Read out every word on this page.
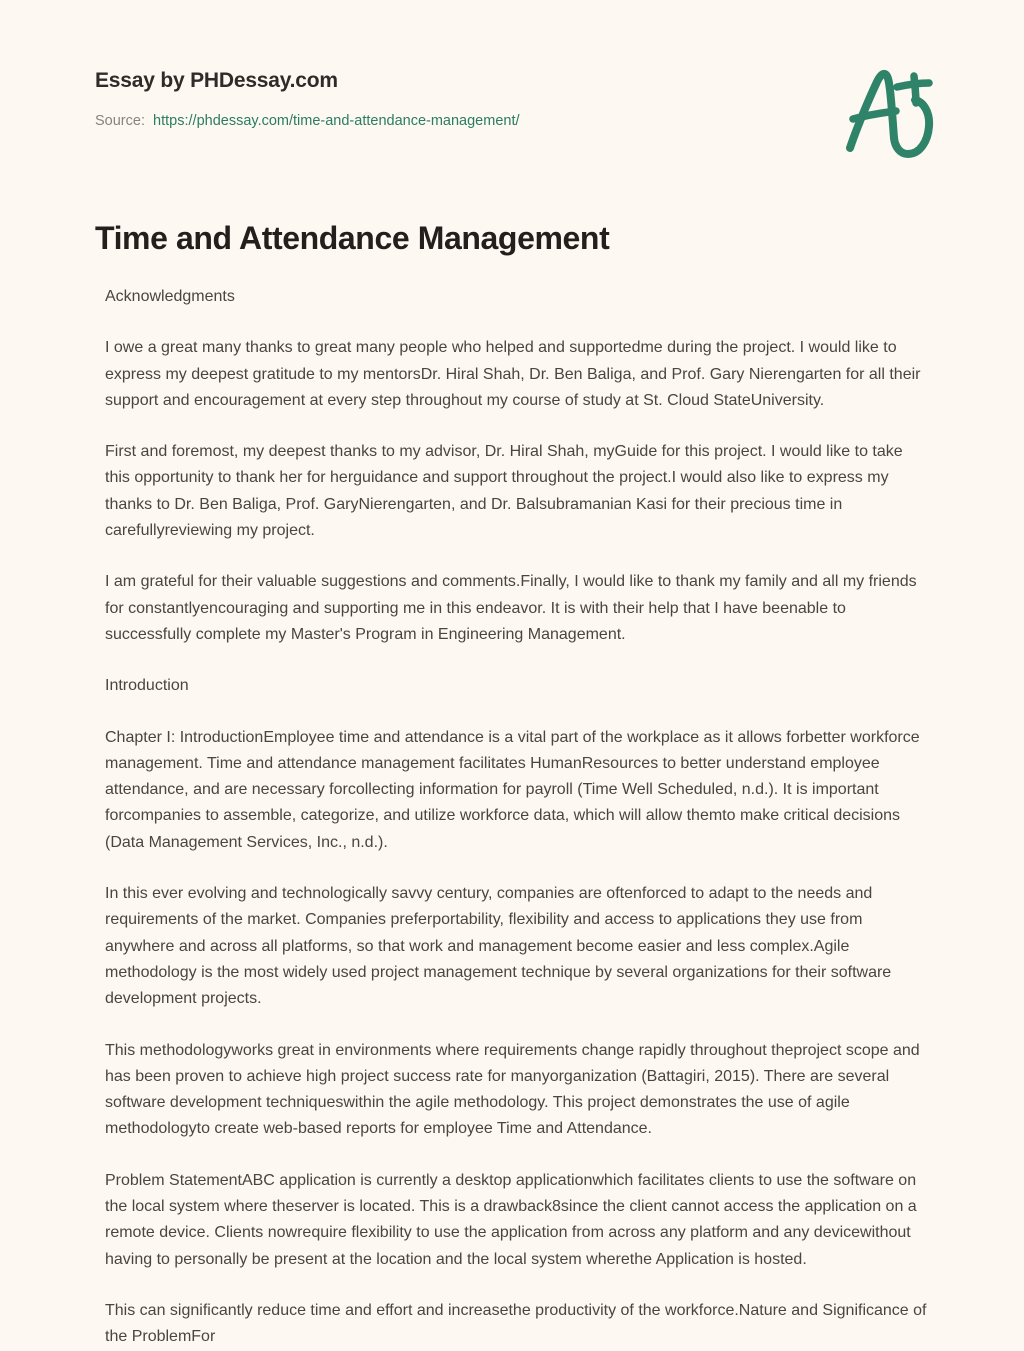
Essay by PHDessay.com
Source: https://phdessay.com/time-and-attendance-management/
Time and Attendance Management

Acknowledgments

I owe a great many thanks to great many people who helped and supportedme during the project. I would like to express my deepest gratitude to my mentorsDr. Hiral Shah, Dr. Ben Baliga, and Prof. Gary Nierengarten for all their support and encouragement at every step throughout my course of study at St. Cloud StateUniversity.

First and foremost, my deepest thanks to my advisor, Dr. Hiral Shah, myGuide for this project. I would like to take this opportunity to thank her for herguidance and support throughout the project.I would also like to express my thanks to Dr. Ben Baliga, Prof. GaryNierengarten, and Dr. Balsubramanian Kasi for their precious time in carefullyreviewing my project.

I am grateful for their valuable suggestions and comments.Finally, I would like to thank my family and all my friends for constantlyencouraging and supporting me in this endeavor. It is with their help that I have beenable to successfully complete my Master's Program in Engineering Management.

Introduction

Chapter I: IntroductionEmployee time and attendance is a vital part of the workplace as it allows forbetter workforce management. Time and attendance management facilitates HumanResources to better understand employee attendance, and are necessary forcollecting information for payroll (Time Well Scheduled, n.d.). It is important forcompanies to assemble, categorize, and utilize workforce data, which will allow themto make critical decisions (Data Management Services, Inc., n.d.).

In this ever evolving and technologically savvy century, companies are oftenforced to adapt to the needs and requirements of the market. Companies preferportability, flexibility and access to applications they use from anywhere and across all platforms, so that work and management become easier and less complex.Agile methodology is the most widely used project management technique by several organizations for their software development projects.

This methodologyworks great in environments where requirements change rapidly throughout theproject scope and has been proven to achieve high project success rate for manyorganization (Battagiri, 2015). There are several software development techniqueswithin the agile methodology. This project demonstrates the use of agile methodologyto create web-based reports for employee Time and Attendance.

Problem StatementABC application is currently a desktop applicationwhich facilitates clients to use the software on the local system where theserver is located. This is a drawback8since the client cannot access the application on a remote device. Clients nowrequire flexibility to use the application from across any platform and any devicewithout having to personally be present at the location and the local system wherethe Application is hosted.

This can significantly reduce time and effort and increasethe productivity of the workforce.Nature and Significance of the ProblemFor
